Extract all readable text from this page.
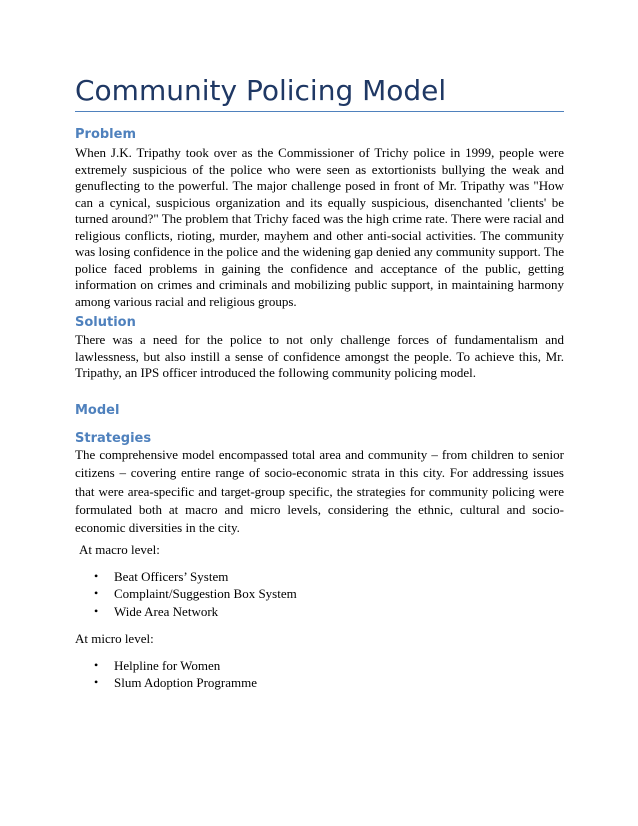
Community Policing Model
Problem

When J.K. Tripathy took over as the Commissioner of Trichy police in 1999, people were extremely suspicious of the police who were seen as extortionists bullying the weak and genuflecting to the powerful. The major challenge posed in front of Mr. Tripathy was "How can a cynical, suspicious organization and its equally suspicious, disenchanted 'clients' be turned around?" The problem that Trichy faced was the high crime rate. There were racial and religious conflicts, rioting, murder, mayhem and other anti-social activities. The community was losing confidence in the police and the widening gap denied any community support. The police faced problems in gaining the confidence and acceptance of the public, getting information on crimes and criminals and mobilizing public support, in maintaining harmony among various racial and religious groups.

Solution

There was a need for the police to not only challenge forces of fundamentalism and lawlessness, but also instill a sense of confidence amongst the people. To achieve this, Mr. Tripathy, an IPS officer introduced the following community policing model.

Model
Strategies

The comprehensive model encompassed total area and community – from children to senior citizens – covering entire range of socio-economic strata in this city. For addressing issues that were area-specific and target-group specific, the strategies for community policing were formulated both at macro and micro levels, considering the ethnic, cultural and socio-economic diversities in the city.

At macro level:

• Beat Officers’ System
• Complaint/Suggestion Box System
• Wide Area Network

At micro level:

• Helpline for Women
• Slum Adoption Programme
